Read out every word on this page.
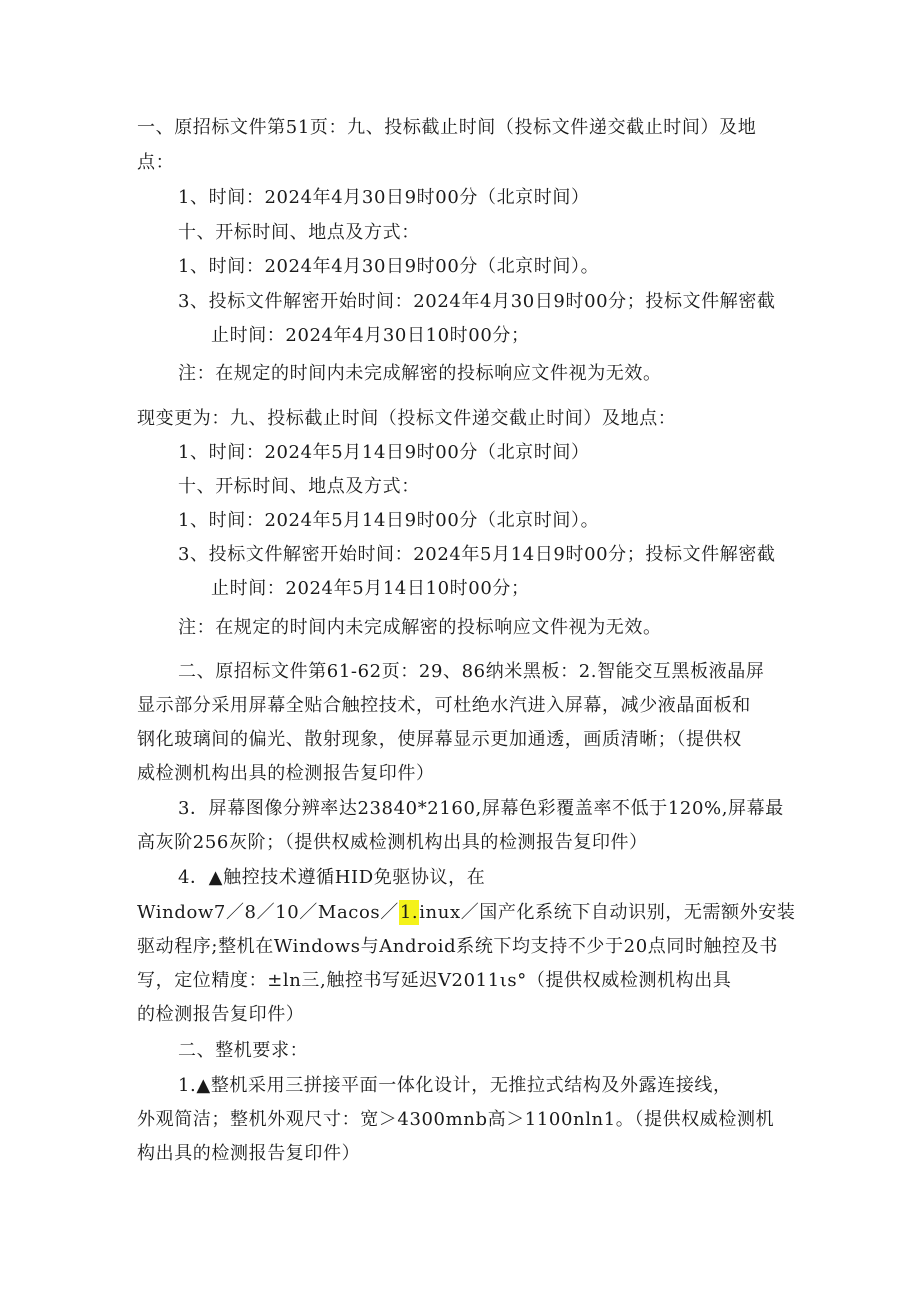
一、原招标文件第51页：九、投标截止时间（投标文件递交截止时间）及地
点：
1、时间：2024年4月30日9时00分（北京时间）
十、开标时间、地点及方式：
1、时间：2024年4月30日9时00分（北京时间）。
3、投标文件解密开始时间：2024年4月30日9时00分；投标文件解密截
止时间：2024年4月30日10时00分；
注：在规定的时间内未完成解密的投标响应文件视为无效。
现变更为：九、投标截止时间（投标文件递交截止时间）及地点：
1、时间：2024年5月14日9时00分（北京时间）
十、开标时间、地点及方式：
1、时间：2024年5月14日9时00分（北京时间）。
3、投标文件解密开始时间：2024年5月14日9时00分；投标文件解密截
止时间：2024年5月14日10时00分；
注：在规定的时间内未完成解密的投标响应文件视为无效。
二、原招标文件第61-62页：29、86纳米黑板：2.智能交互黑板液晶屏
显示部分采用屏幕全贴合触控技术，可杜绝水汽进入屏幕，减少液晶面板和
钢化玻璃间的偏光、散射现象，使屏幕显示更加通透，画质清晰；（提供权
威检测机构出具的检测报告复印件）
3．屏幕图像分辨率达23840*2160,屏幕色彩覆盖率不低于120%,屏幕最
高灰阶256灰阶；（提供权威检测机构出具的检测报告复印件）
4．▲触控技术遵循HID免驱协议，在
Window7／8／10／Macos／1.inux／国产化系统下自动识别，无需额外安装
驱动程序;整机在Windows与Android系统下均支持不少于20点同时触控及书
写，定位精度：±ln三,触控书写延迟V2011ιs°（提供权威检测机构出具
的检测报告复印件）
二、整机要求：
1.▲整机采用三拼接平面一体化设计，无推拉式结构及外露连接线，
外观简洁；整机外观尺寸：宽＞4300mnb高＞1100nln1。（提供权威检测机
构出具的检测报告复印件）
